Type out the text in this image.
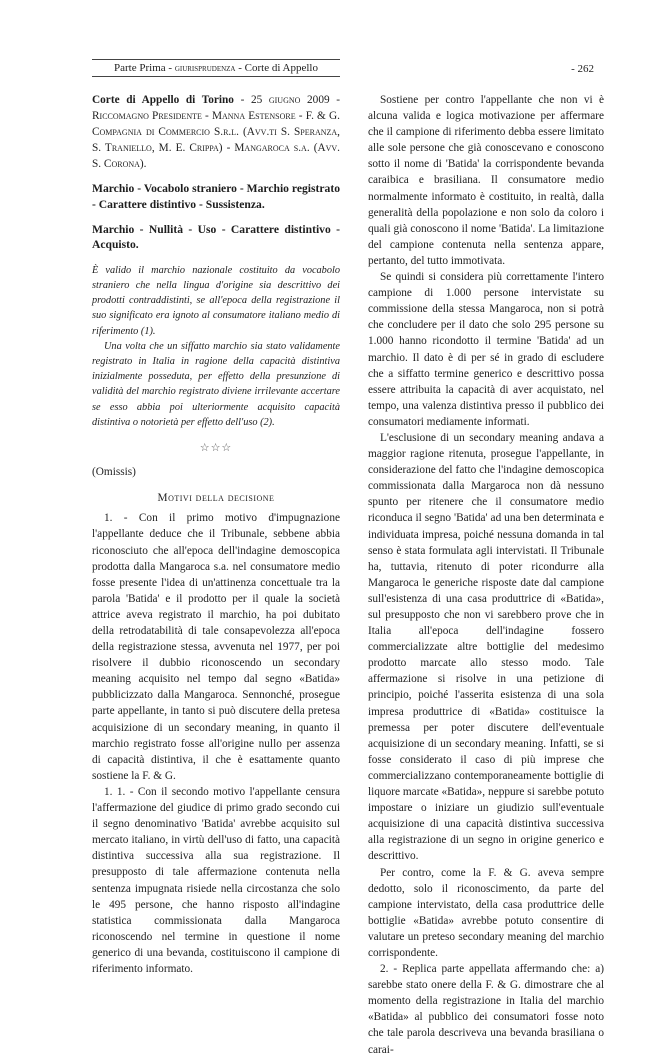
Parte Prima - giurisprudenza - Corte di Appello	- 262

Corte di Appello di Torino - 25 giugno 2009 - Riccomagno Presidente - Manna Estensore - F. & G. Compagnia di Commercio S.r.l. (Avv.ti S. Speranza, S. Traniello, M. E. Crippa) - Mangaroca s.a. (Avv. S. Corona).

Marchio - Vocabolo straniero - Marchio registrato - Carattere distintivo - Sussistenza.

Marchio - Nullità - Uso - Carattere distintivo - Acquisto.

È valido il marchio nazionale costituito da vocabolo straniero che nella lingua d'origine sia descrittivo dei prodotti contraddistinti, se all'epoca della registrazione il suo significato era ignoto al consumatore italiano medio di riferimento (1).

Una volta che un siffatto marchio sia stato validamente registrato in Italia in ragione della capacità distintiva inizialmente posseduta, per effetto della presunzione di validità del marchio registrato diviene irrilevante accertare se esso abbia poi ulteriormente acquisito capacità distintiva o notorietà per effetto dell'uso (2).

☆☆☆

(Omissis)

Motivi della decisione

1. - Con il primo motivo d'impugnazione l'appellante deduce che il Tribunale, sebbene abbia riconosciuto che all'epoca dell'indagine demoscopica prodotta dalla Mangaroca s.a. nel consumatore medio fosse presente l'idea di un'attinenza concettuale tra la parola 'Batida' e il prodotto per il quale la società attrice aveva registrato il marchio, ha poi dubitato della retrodatabilità di tale consapevolezza all'epoca della registrazione stessa, avvenuta nel 1977, per poi risolvere il dubbio riconoscendo un secondary meaning acquisito nel tempo dal segno «Batida» pubblicizzato dalla Mangaroca. Sennonché, prosegue parte appellante, in tanto si può discutere della pretesa acquisizione di un secondary meaning, in quanto il marchio registrato fosse all'origine nullo per assenza di capacità distintiva, il che è esattamente quanto sostiene la F. & G.

1. 1. - Con il secondo motivo l'appellante censura l'affermazione del giudice di primo grado secondo cui il segno denominativo 'Batida' avrebbe acquisito sul mercato italiano, in virtù dell'uso di fatto, una capacità distintiva successiva alla sua registrazione. Il presupposto di tale affermazione contenuta nella sentenza impugnata risiede nella circostanza che solo le 495 persone, che hanno risposto all'indagine statistica commissionata dalla Mangaroca riconoscendo nel termine in questione il nome generico di una bevanda, costituiscono il campione di riferimento informato.

Sostiene per contro l'appellante che non vi è alcuna valida e logica motivazione per affermare che il campione di riferimento debba essere limitato alle sole persone che già conoscevano e conoscono sotto il nome di 'Batida' la corrispondente bevanda caraibica e brasiliana. Il consumatore medio normalmente informato è costituito, in realtà, dalla generalità della popolazione e non solo da coloro i quali già conoscono il nome 'Batida'. La limitazione del campione contenuta nella sentenza appare, pertanto, del tutto immotivata.

Se quindi si considera più correttamente l'intero campione di 1.000 persone intervistate su commissione della stessa Mangaroca, non si potrà che concludere per il dato che solo 295 persone su 1.000 hanno ricondotto il termine 'Batida' ad un marchio. Il dato è di per sé in grado di escludere che a siffatto termine generico e descrittivo possa essere attribuita la capacità di aver acquistato, nel tempo, una valenza distintiva presso il pubblico dei consumatori mediamente informati.

L'esclusione di un secondary meaning andava a maggior ragione ritenuta, prosegue l'appellante, in considerazione del fatto che l'indagine demoscopica commissionata dalla Margaroca non dà nessuno spunto per ritenere che il consumatore medio riconduca il segno 'Batida' ad una ben determinata e individuata impresa, poiché nessuna domanda in tal senso è stata formulata agli intervistati. Il Tribunale ha, tuttavia, ritenuto di poter ricondurre alla Mangaroca le generiche risposte date dal campione sull'esistenza di una casa produttrice di «Batida», sul presupposto che non vi sarebbero prove che in Italia all'epoca dell'indagine fossero commercializzate altre bottiglie del medesimo prodotto marcate allo stesso modo. Tale affermazione si risolve in una petizione di principio, poiché l'asserita esistenza di una sola impresa produttrice di «Batida» costituisce la premessa per poter discutere dell'eventuale acquisizione di un secondary meaning. Infatti, se si fosse considerato il caso di più imprese che commercializzano contemporaneamente bottiglie di liquore marcate «Batida», neppure si sarebbe potuto impostare o iniziare un giudizio sull'eventuale acquisizione di una capacità distintiva successiva alla registrazione di un segno in origine generico e descrittivo.

Per contro, come la F. & G. aveva sempre dedotto, solo il riconoscimento, da parte del campione intervistato, della casa produttrice delle bottiglie «Batida» avrebbe potuto consentire di valutare un preteso secondary meaning del marchio corrispondente.

2. - Replica parte appellata affermando che: a) sarebbe stato onere della F. & G. dimostrare che al momento della registrazione in Italia del marchio «Batida» al pubblico dei consumatori fosse noto che tale parola descriveva una bevanda brasiliana o carai-
